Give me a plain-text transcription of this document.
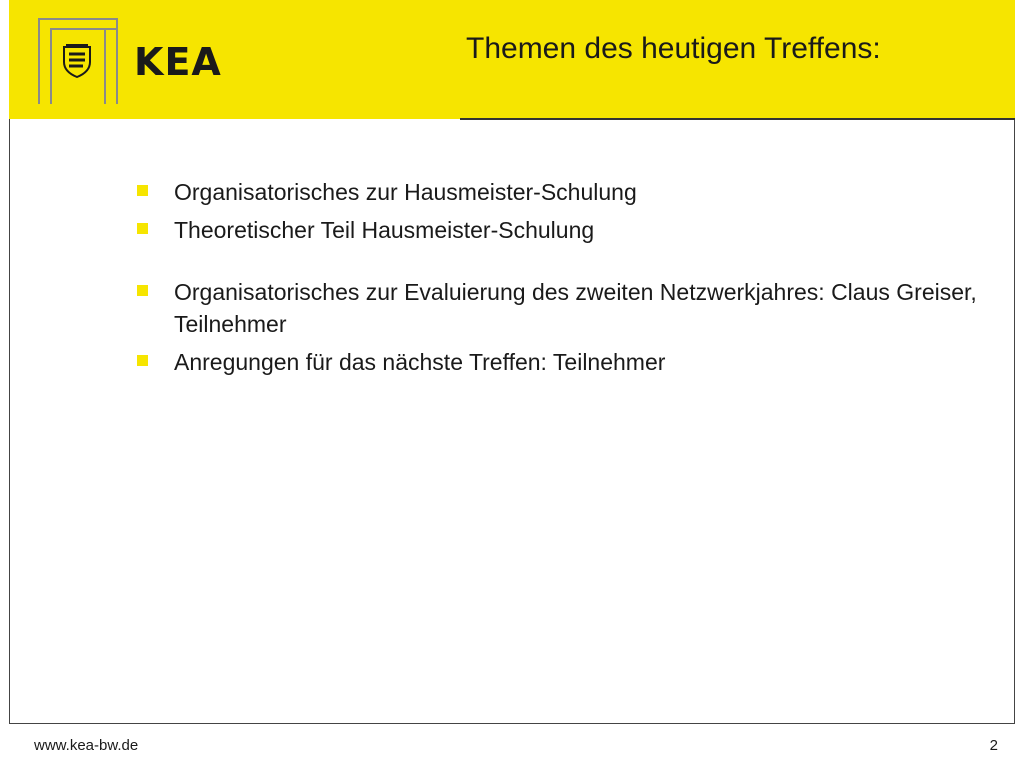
KEA	Themen des heutigen Treffens:
Organisatorisches zur Hausmeister-Schulung
Theoretischer Teil Hausmeister-Schulung
Organisatorisches zur Evaluierung des zweiten Netzwerkjahres: Claus Greiser, Teilnehmer
Anregungen für das nächste Treffen: Teilnehmer
www.kea-bw.de	2
